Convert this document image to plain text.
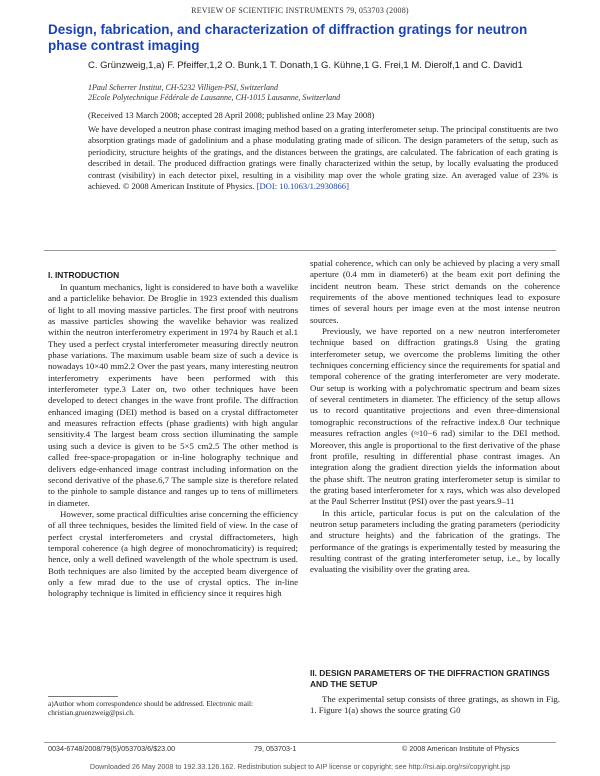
REVIEW OF SCIENTIFIC INSTRUMENTS 79, 053703 (2008)
Design, fabrication, and characterization of diffraction gratings for neutron phase contrast imaging
C. Grünzweig,1,a) F. Pfeiffer,1,2 O. Bunk,1 T. Donath,1 G. Kühne,1 G. Frei,1 M. Dierolf,1 and C. David1
1Paul Scherrer Institut, CH-5232 Villigen-PSI, Switzerland
2Ecole Polytechnique Fédérale de Lausanne, CH-1015 Lausanne, Switzerland
(Received 13 March 2008; accepted 28 April 2008; published online 23 May 2008)
We have developed a neutron phase contrast imaging method based on a grating interferometer setup. The principal constituents are two absorption gratings made of gadolinium and a phase modulating grating made of silicon. The design parameters of the setup, such as periodicity, structure heights of the gratings, and the distances between the gratings, are calculated. The fabrication of each grating is described in detail. The produced diffraction gratings were finally characterized within the setup, by locally evaluating the produced contrast (visibility) in each detector pixel, resulting in a visibility map over the whole grating size. An averaged value of 23% is achieved. © 2008 American Institute of Physics. [DOI: 10.1063/1.2930866]
I. INTRODUCTION

In quantum mechanics, light is considered to have both a wavelike and a particlelike behavior. De Broglie in 1923 extended this dualism of light to all moving massive particles. The first proof with neutrons as massive particles showing the wavelike behavior was realized within the neutron interferometry experiment in 1974 by Rauch et al.1 They used a perfect crystal interferometer measuring directly neutron phase variations. The maximum usable beam size of such a device is nowadays 10×40 mm2.2 Over the past years, many interesting neutron interferometry experiments have been performed with this interferometer type.3 Later on, two other techniques have been developed to detect changes in the wave front profile. The diffraction enhanced imaging (DEI) method is based on a crystal diffractometer and measures refraction effects (phase gradients) with high angular sensitivity.4 The largest beam cross section illuminating the sample using such a device is given to be 5×5 cm2.5 The other method is called free-space-propagation or in-line holography technique and delivers edge-enhanced image contrast including information on the second derivative of the phase.6,7 The sample size is therefore related to the pinhole to sample distance and ranges up to tens of millimeters in diameter.

However, some practical difficulties arise concerning the efficiency of all three techniques, besides the limited field of view. In the case of perfect crystal interferometers and crystal diffractometers, high temporal coherence (a high degree of monochromaticity) is required; hence, only a well defined wavelength of the whole spectrum is used. Both techniques are also limited by the accepted beam divergence of only a few mrad due to the use of crystal optics. The in-line holography technique is limited in efficiency since it requires high

spatial coherence, which can only be achieved by placing a very small aperture (0.4 mm in diameter6) at the beam exit port defining the incident neutron beam. These strict demands on the coherence requirements of the above mentioned techniques lead to exposure times of several hours per image even at the most intense neutron sources.

Previously, we have reported on a new neutron interferometer technique based on diffraction gratings.8 Using the grating interferometer setup, we overcome the problems limiting the other techniques concerning efficiency since the requirements for spatial and temporal coherence of the grating interferometer are very moderate. Our setup is working with a polychromatic spectrum and beam sizes of several centimeters in diameter. The efficiency of the setup allows us to record quantitative projections and even three-dimensional tomographic reconstructions of the refractive index.8 Our technique measures refraction angles (≈10−6 rad) similar to the DEI method. Moreover, this angle is proportional to the first derivative of the phase front profile, resulting in differential phase contrast images. An integration along the gradient direction yields the information about the phase shift. The neutron grating interferometer setup is similar to the grating based interferometer for x rays, which was also developed at the Paul Scherrer Institut (PSI) over the past years.9–11

In this article, particular focus is put on the calculation of the neutron setup parameters including the grating parameters (periodicity and structure heights) and the fabrication of the gratings. The performance of the gratings is experimentally tested by measuring the resulting contrast of the grating interferometer setup, i.e., by locally evaluating the visibility over the grating area.

II. DESIGN PARAMETERS OF THE DIFFRACTION GRATINGS AND THE SETUP

The experimental setup consists of three gratings, as shown in Fig. 1. Figure 1(a) shows the source grating G0

a)Author whom correspondence should be addressed. Electronic mail: christian.gruenzweig@psi.ch.
0034-6748/2008/79(5)/053703/6/$23.00	79, 053703-1	© 2008 American Institute of Physics
Downloaded 26 May 2008 to 192.33.126.162. Redistribution subject to AIP license or copyright; see http://rsi.aip.org/rsi/copyright.jsp
